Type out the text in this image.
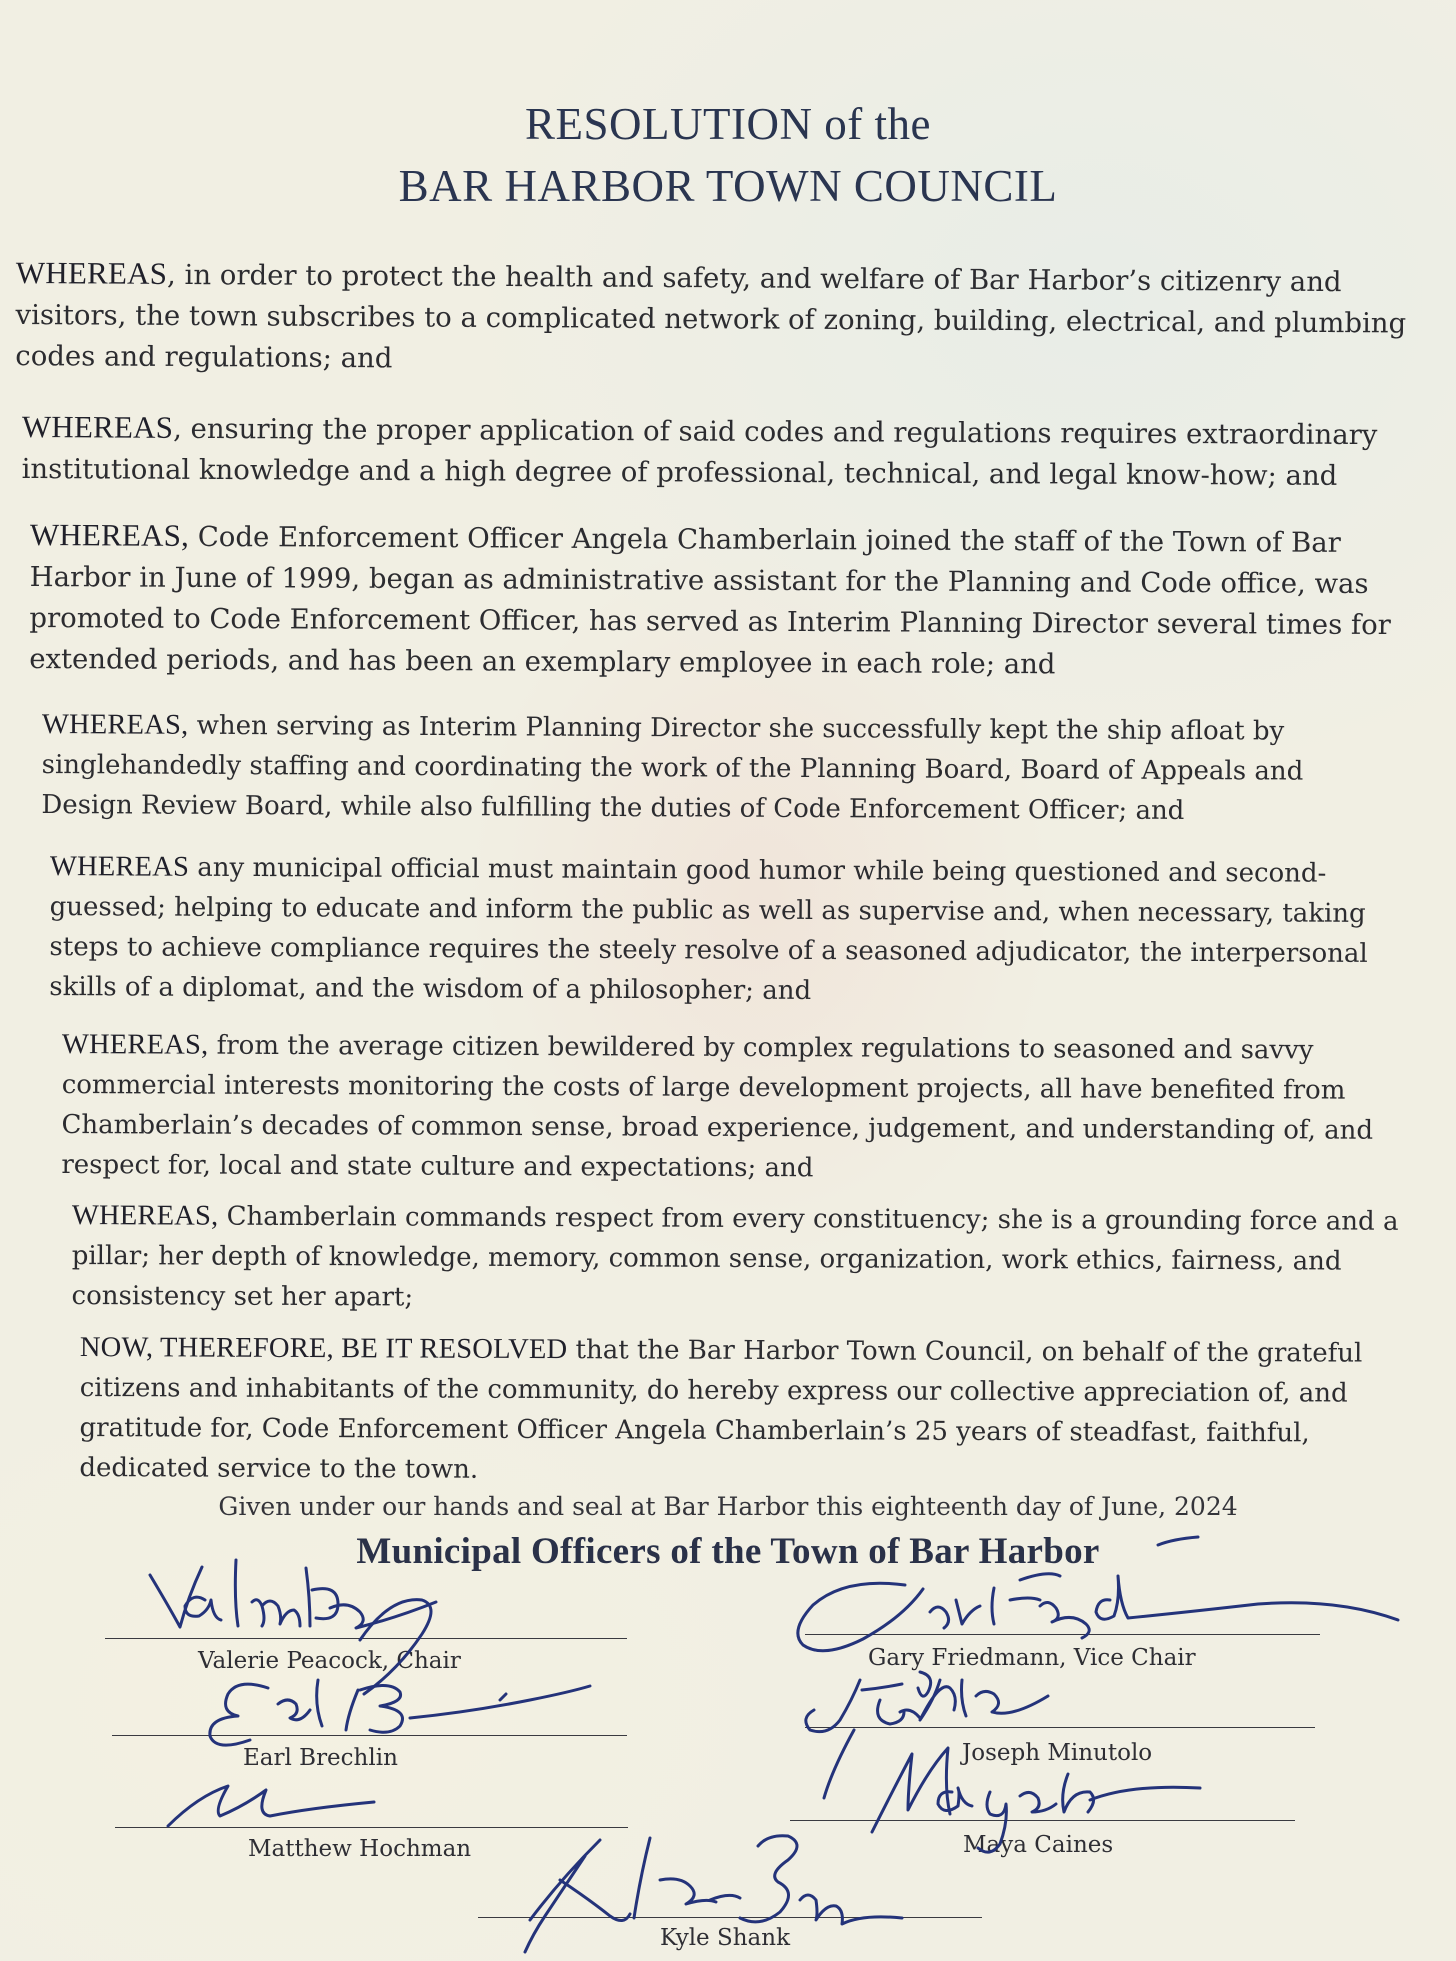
RESOLUTION of the
BAR HARBOR TOWN COUNCIL
WHEREAS, in order to protect the health and safety, and welfare of Bar Harbor’s citizenry and visitors, the town subscribes to a complicated network of zoning, building, electrical, and plumbing codes and regulations; and
WHEREAS, ensuring the proper application of said codes and regulations requires extraordinary institutional knowledge and a high degree of professional, technical, and legal know-how; and
WHEREAS, Code Enforcement Officer Angela Chamberlain joined the staff of the Town of Bar Harbor in June of 1999, began as administrative assistant for the Planning and Code office, was promoted to Code Enforcement Officer, has served as Interim Planning Director several times for extended periods, and has been an exemplary employee in each role; and
WHEREAS, when serving as Interim Planning Director she successfully kept the ship afloat by singlehandedly staffing and coordinating the work of the Planning Board, Board of Appeals and Design Review Board, while also fulfilling the duties of Code Enforcement Officer; and
WHEREAS any municipal official must maintain good humor while being questioned and second-guessed; helping to educate and inform the public as well as supervise and, when necessary, taking steps to achieve compliance requires the steely resolve of a seasoned adjudicator, the interpersonal skills of a diplomat, and the wisdom of a philosopher; and
WHEREAS, from the average citizen bewildered by complex regulations to seasoned and savvy commercial interests monitoring the costs of large development projects, all have benefited from Chamberlain’s decades of common sense, broad experience, judgement, and understanding of, and respect for, local and state culture and expectations; and
WHEREAS, Chamberlain commands respect from every constituency; she is a grounding force and a pillar; her depth of knowledge, memory, common sense, organization, work ethics, fairness, and consistency set her apart;
NOW, THEREFORE, BE IT RESOLVED that the Bar Harbor Town Council, on behalf of the grateful citizens and inhabitants of the community, do hereby express our collective appreciation of, and gratitude for, Code Enforcement Officer Angela Chamberlain’s 25 years of steadfast, faithful, dedicated service to the town.
Given under our hands and seal at Bar Harbor this eighteenth day of June, 2024
Municipal Officers of the Town of Bar Harbor
Valerie Peacock, Chair	Gary Friedmann, Vice Chair
Earl Brechlin	Joseph Minutolo
Matthew Hochman	Maya Caines
Kyle Shank
